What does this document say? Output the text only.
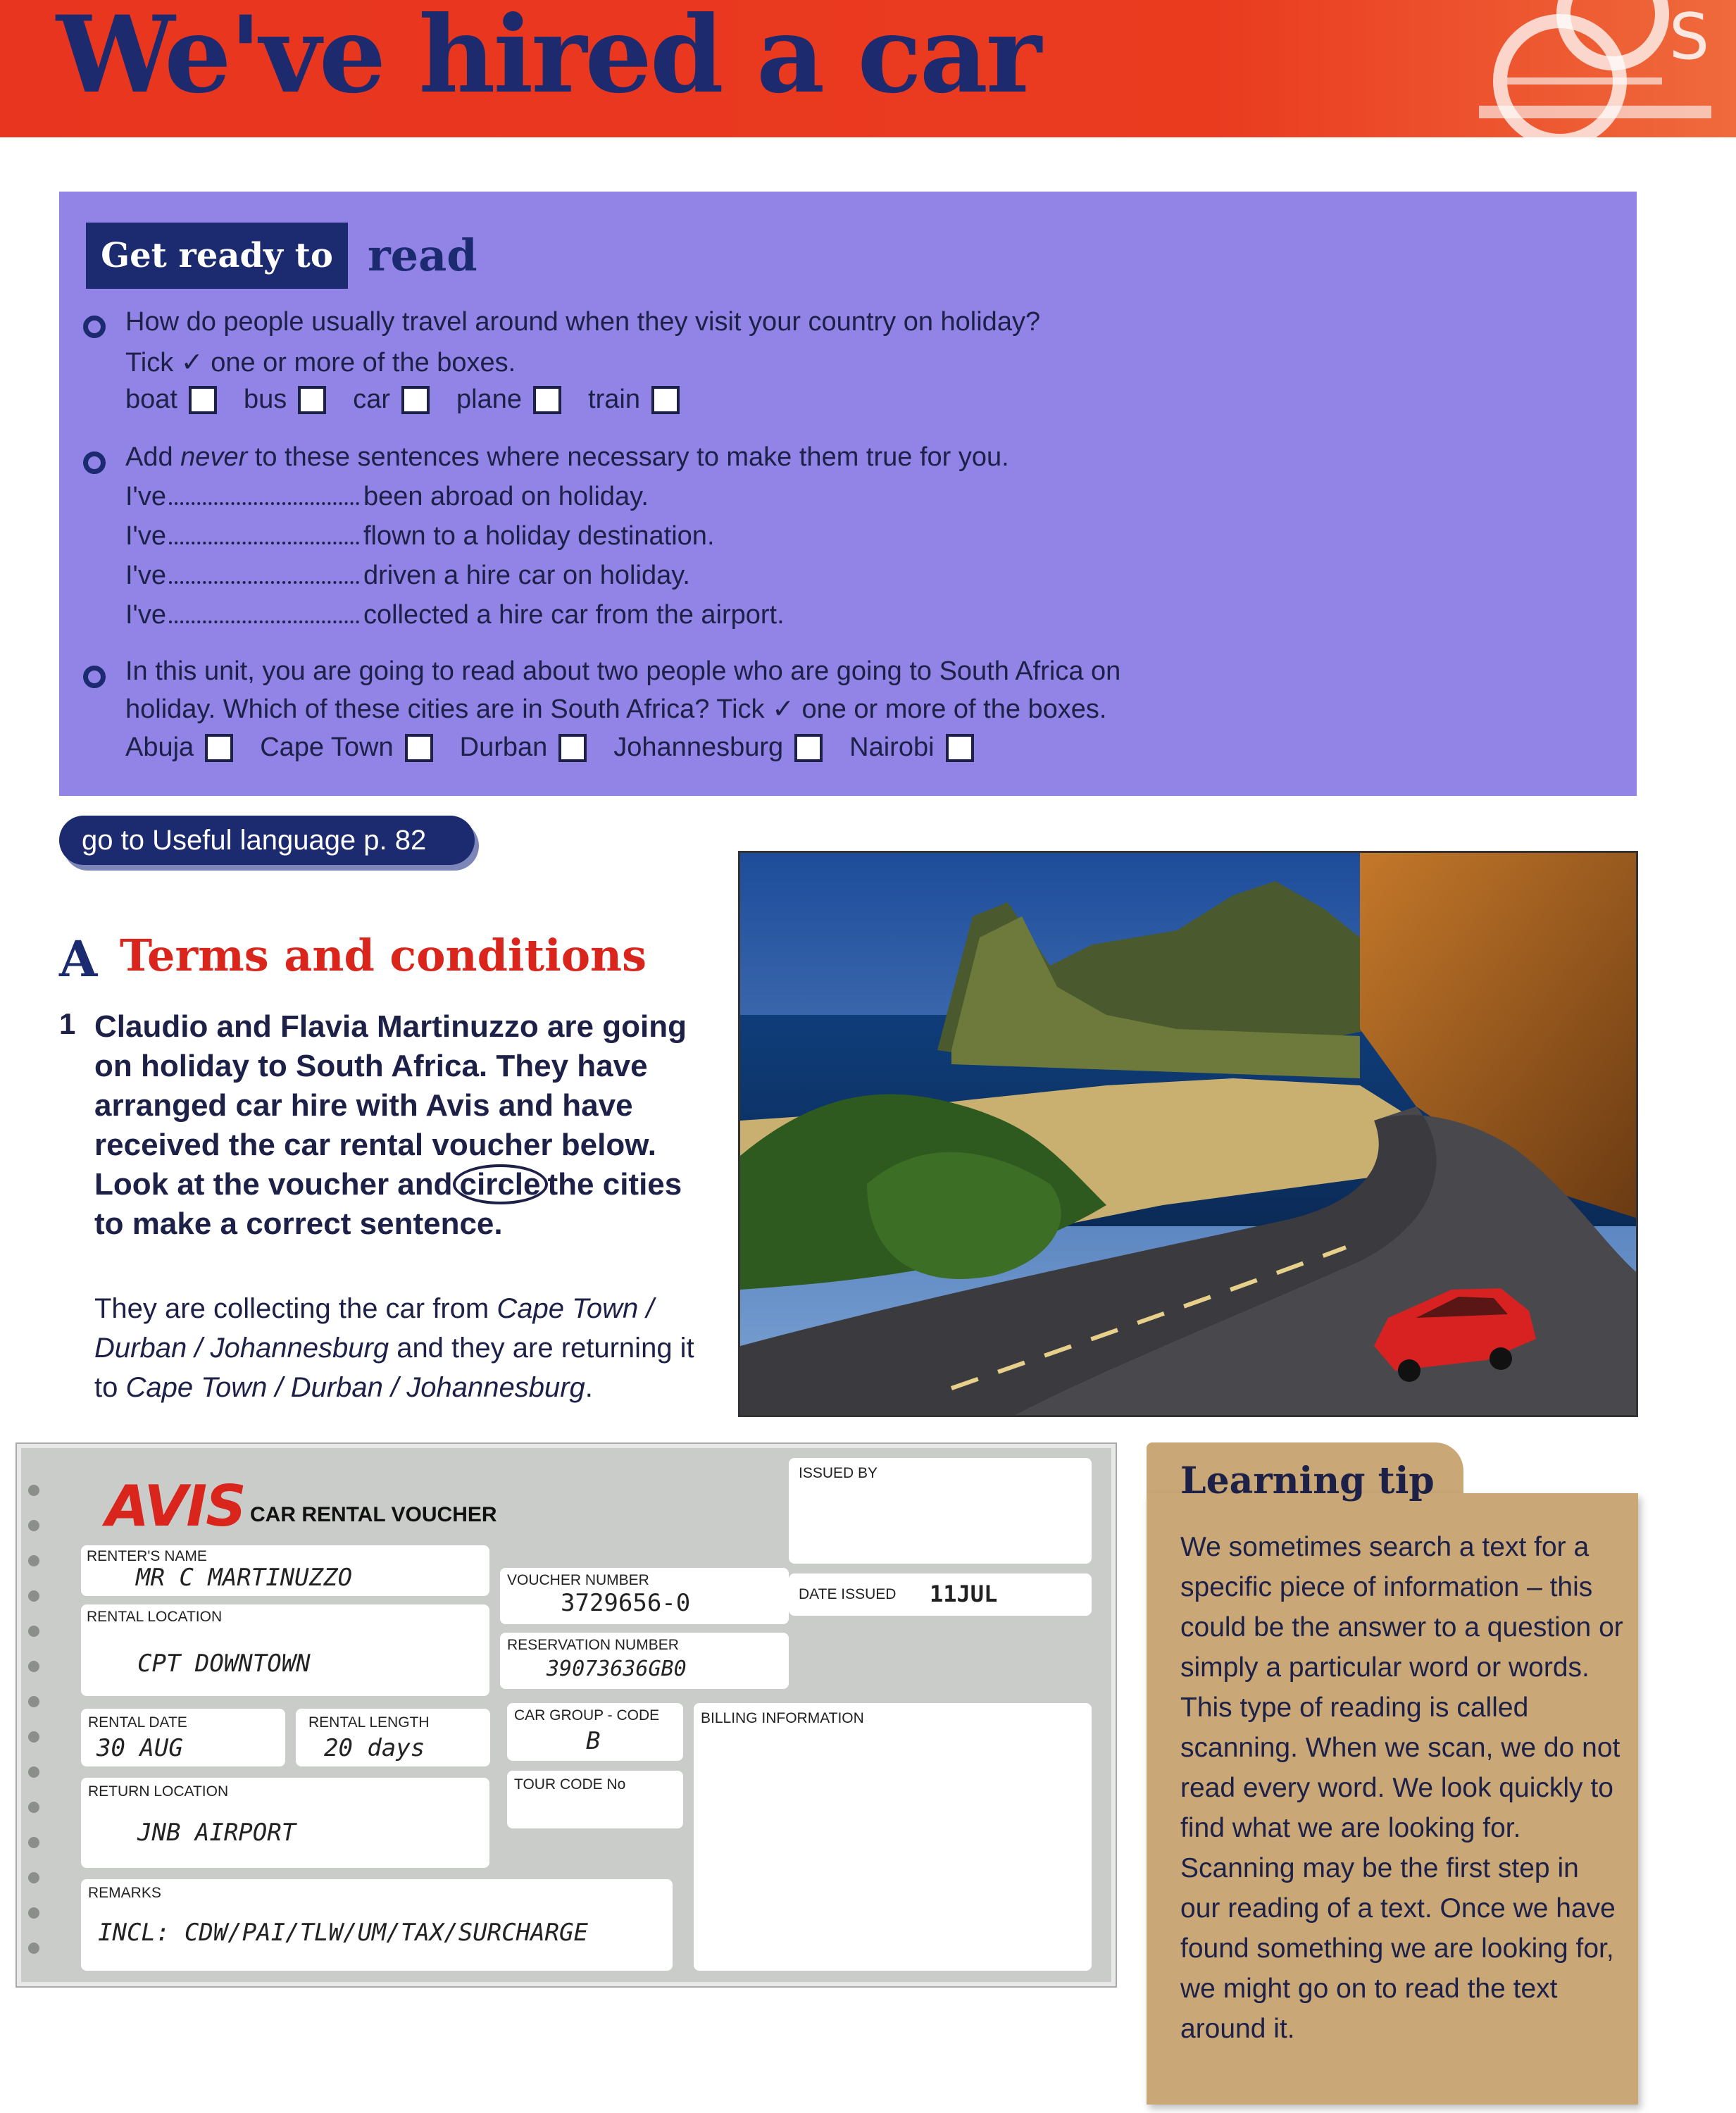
We've hired a car	S
Get ready to read
How do people usually travel around when they visit your country on holiday?
Tick ✓ one or more of the boxes.
boat bus car plane train
Add never to these sentences where necessary to make them true for you.
I've	been abroad on holiday.
I've	flown to a holiday destination.
I've	driven a hire car on holiday.
I've	collected a hire car from the airport.
In this unit, you are going to read about two people who are going to South Africa on
holiday. Which of these cities are in South Africa? Tick ✓ one or more of the boxes.
Abuja Cape Town Durban Johannesburg Nairobi
go to Useful language p. 82
A Terms and conditions
1 Claudio and Flavia Martinuzzo are going on holiday to South Africa. They have arranged car hire with Avis and have received the car rental voucher below. Look at the voucher and circle the cities to make a correct sentence.
They are collecting the car from Cape Town / Durban / Johannesburg and they are returning it to Cape Town / Durban / Johannesburg.
AVIS CAR RENTAL VOUCHER
RENTER'S NAME
MR C MARTINUZZO
RENTAL LOCATION
CPT DOWNTOWN
RENTAL DATE
30 AUG
RENTAL LENGTH
20 days
RETURN LOCATION
JNB AIRPORT
REMARKS
INCL: CDW/PAI/TLW/UM/TAX/SURCHARGE
VOUCHER NUMBER
3729656-0
RESERVATION NUMBER
39073636GB0
CAR GROUP - CODE
B
TOUR CODE No
BILLING INFORMATION
ISSUED BY
DATE ISSUED 11JUL
Learning tip
We sometimes search a text for a specific piece of information – this could be the answer to a question or simply a particular word or words. This type of reading is called scanning. When we scan, we do not read every word. We look quickly to find what we are looking for. Scanning may be the first step in our reading of a text. Once we have found something we are looking for, we might go on to read the text around it.
